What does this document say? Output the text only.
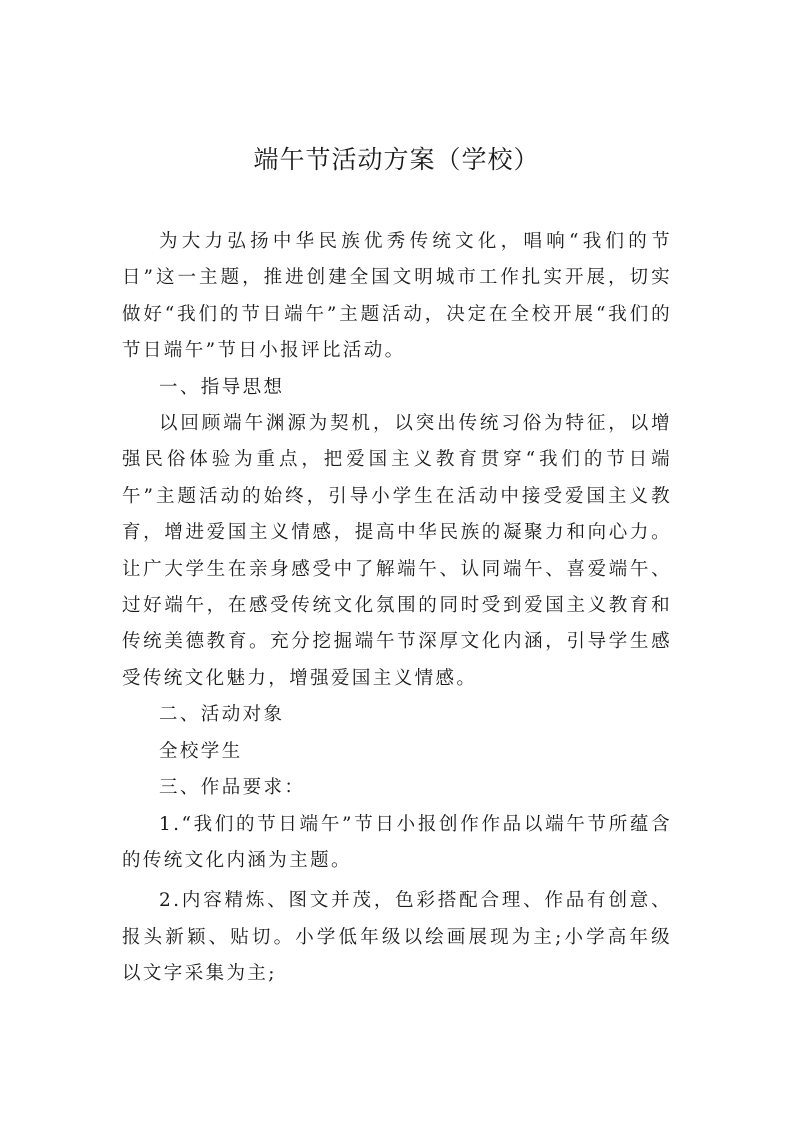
端午节活动方案（学校）

为大力弘扬中华民族优秀传统文化，唱响“我们的节日”这一主题，推进创建全国文明城市工作扎实开展，切实做好“我们的节日端午”主题活动，决定在全校开展“我们的节日端午”节日小报评比活动。

一、指导思想

以回顾端午渊源为契机，以突出传统习俗为特征，以增强民俗体验为重点，把爱国主义教育贯穿“我们的节日端午”主题活动的始终，引导小学生在活动中接受爱国主义教育，增进爱国主义情感，提高中华民族的凝聚力和向心力。让广大学生在亲身感受中了解端午、认同端午、喜爱端午、过好端午，在感受传统文化氛围的同时受到爱国主义教育和传统美德教育。充分挖掘端午节深厚文化内涵，引导学生感受传统文化魅力，增强爱国主义情感。

二、活动对象

全校学生

三、作品要求：

1.“我们的节日端午”节日小报创作作品以端午节所蕴含的传统文化内涵为主题。

2.内容精炼、图文并茂，色彩搭配合理、作品有创意、报头新颖、贴切。小学低年级以绘画展现为主;小学高年级以文字采集为主;
